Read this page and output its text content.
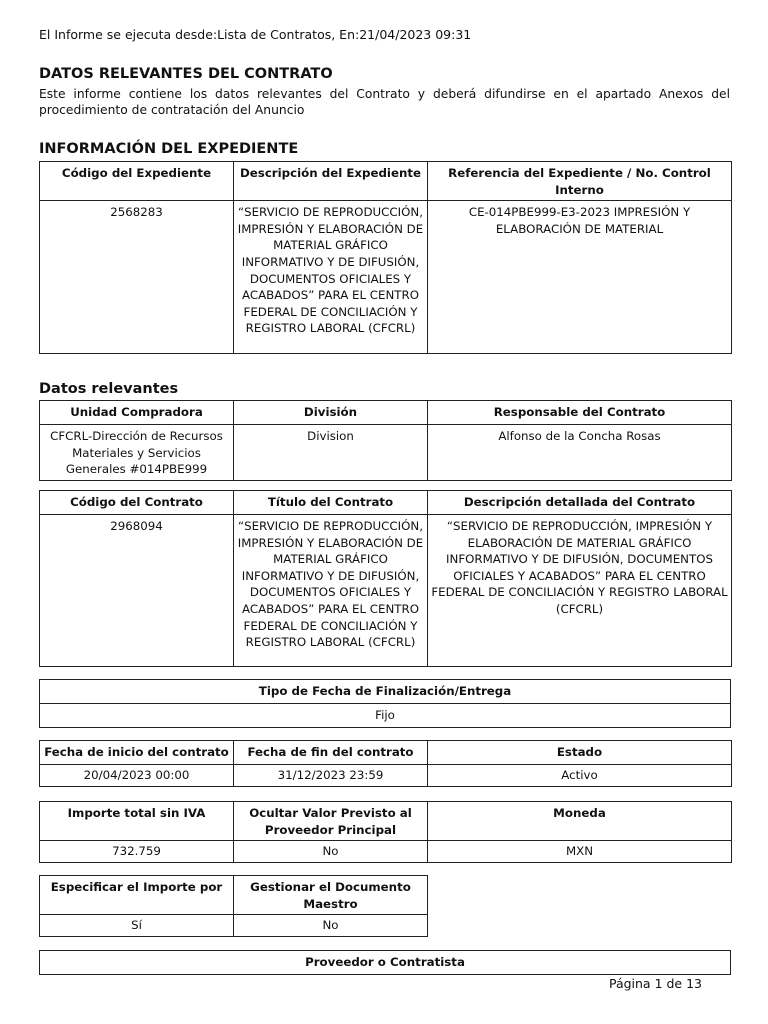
El Informe se ejecuta desde:Lista de Contratos, En:21/04/2023 09:31
DATOS RELEVANTES DEL CONTRATO
Este informe contiene los datos relevantes del Contrato y deberá difundirse en el apartado Anexos del procedimiento de contratación del Anuncio
INFORMACIÓN DEL EXPEDIENTE
Código del Expediente	Descripción del Expediente	Referencia del Expediente / No. Control Interno
2568283	“SERVICIO DE REPRODUCCIÓN, IMPRESIÓN Y ELABORACIÓN DE MATERIAL GRÁFICO INFORMATIVO Y DE DIFUSIÓN, DOCUMENTOS OFICIALES Y ACABADOS” PARA EL CENTRO FEDERAL DE CONCILIACIÓN Y REGISTRO LABORAL (CFCRL)	CE-014PBE999-E3-2023 IMPRESIÓN Y ELABORACIÓN DE MATERIAL
Datos relevantes
Unidad Compradora	División	Responsable del Contrato
CFCRL-Dirección de Recursos Materiales y Servicios Generales #014PBE999	Division	Alfonso de la Concha Rosas
Código del Contrato	Título del Contrato	Descripción detallada del Contrato
2968094	“SERVICIO DE REPRODUCCIÓN, IMPRESIÓN Y ELABORACIÓN DE MATERIAL GRÁFICO INFORMATIVO Y DE DIFUSIÓN, DOCUMENTOS OFICIALES Y ACABADOS” PARA EL CENTRO FEDERAL DE CONCILIACIÓN Y REGISTRO LABORAL (CFCRL)	“SERVICIO DE REPRODUCCIÓN, IMPRESIÓN Y ELABORACIÓN DE MATERIAL GRÁFICO INFORMATIVO Y DE DIFUSIÓN, DOCUMENTOS OFICIALES Y ACABADOS” PARA EL CENTRO FEDERAL DE CONCILIACIÓN Y REGISTRO LABORAL (CFCRL)
Tipo de Fecha de Finalización/Entrega
Fijo
Fecha de inicio del contrato	Fecha de fin del contrato	Estado
20/04/2023 00:00	31/12/2023 23:59	Activo
Importe total sin IVA	Ocultar Valor Previsto al Proveedor Principal	Moneda
732.759	No	MXN
Especificar el Importe por	Gestionar el Documento Maestro
Sí	No
Proveedor o Contratista
Página 1 de 13
